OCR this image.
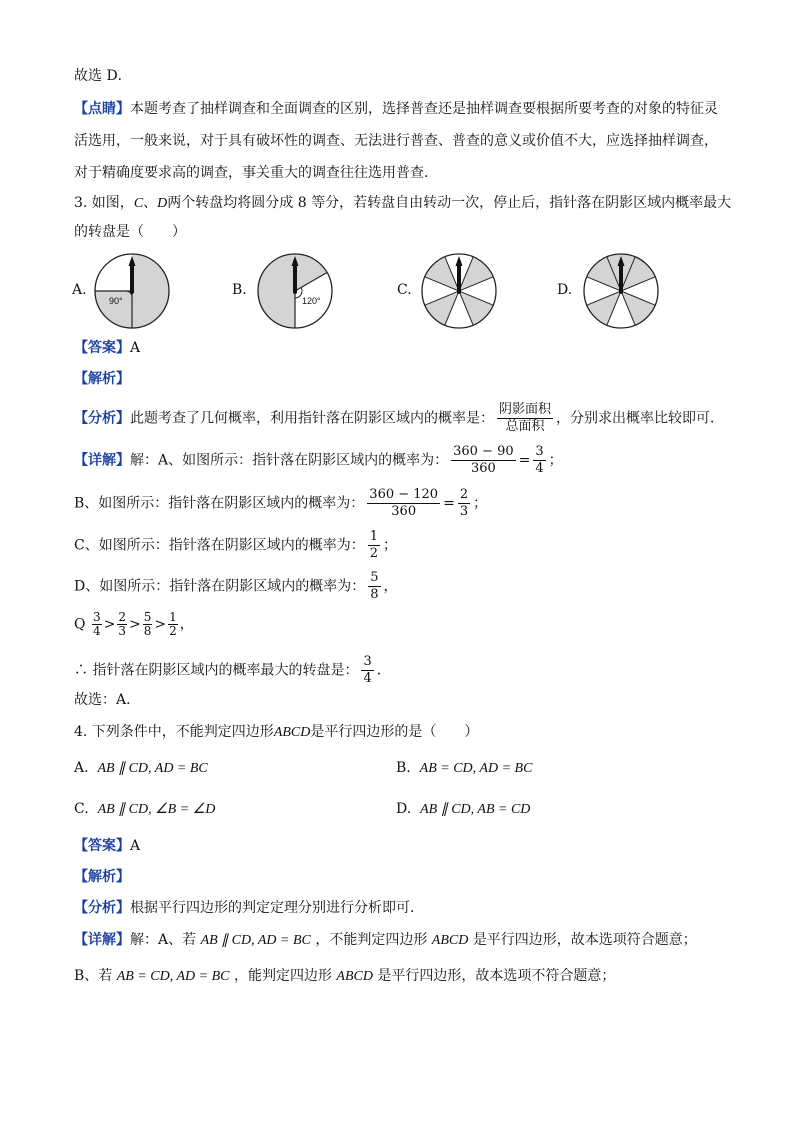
故选 D．
【点睛】本题考查了抽样调查和全面调查的区别，选择普查还是抽样调查要根据所要考查的对象的特征灵
活选用，一般来说，对于具有破坏性的调查、无法进行普查、普查的意义或价值不大，应选择抽样调查，
对于精确度要求高的调查，事关重大的调查往往选用普查．
3. 如图，C、D两个转盘均将圆分成 8 等分，若转盘自由转动一次，停止后，指针落在阴影区域内概率最大
的转盘是（　　）
A.
90°
B.
120°
C.	D.
【答案】A
【解析】
【分析】此题考查了几何概率，利用指针落在阴影区域内的概率是： $\frac{\text{阴影面积}}{\text{总面积}}$ ，分别求出概率比较即可．
【详解】解：A、如图所示：指针落在阴影区域内的概率为： $\frac{360 - 90}{360} = \frac{3}{4}$ ；
B、如图所示：指针落在阴影区域内的概率为： $\frac{360 - 120}{360} = \frac{2}{3}$ ；
C、如图所示：指针落在阴影区域内的概率为： $\frac{1}{2}$ ；
D、如图所示：指针落在阴影区域内的概率为： $\frac{5}{8}$ ，
Q $\frac{3}{4} > \frac{2}{3} > \frac{5}{8} > \frac{1}{2}$ ，
∴ 指针落在阴影区域内的概率最大的转盘是： $\frac{3}{4}$ ．
故选：A．
4. 下列条件中，不能判定四边形ABCD是平行四边形的是（　　）
A. AB ∥ CD, AD = BC	B. AB = CD, AD = BC
C. AB ∥ CD, ∠B = ∠D	D. AB ∥ CD, AB = CD
【答案】A
【解析】
【分析】根据平行四边形的判定定理分别进行分析即可．
【详解】解：A、若 AB ∥ CD, AD = BC ，不能判定四边形 ABCD 是平行四边形，故本选项符合题意；
B、若 AB = CD, AD = BC ，能判定四边形 ABCD 是平行四边形，故本选项不符合题意；
